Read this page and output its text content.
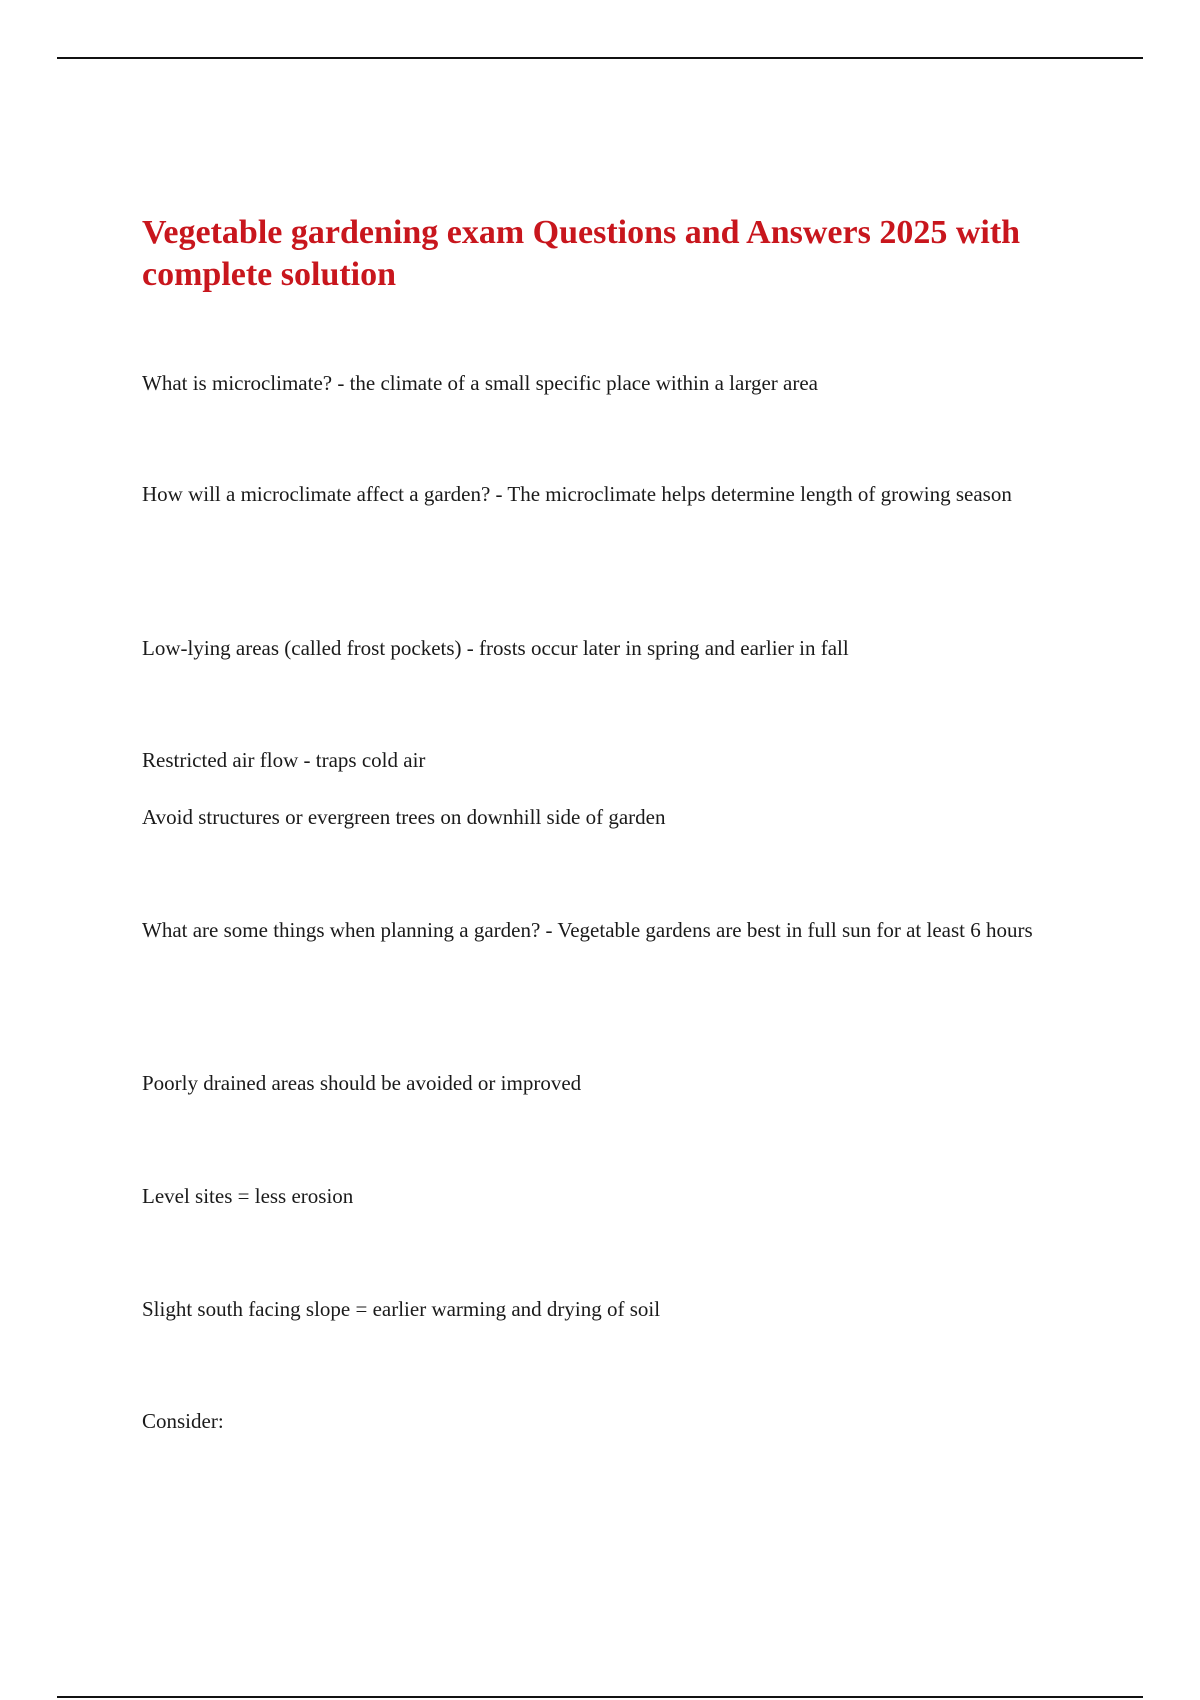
Vegetable gardening exam Questions and Answers 2025 with complete solution

What is microclimate? - the climate of a small specific place within a larger area

How will a microclimate affect a garden? - The microclimate helps determine length of growing season

Low-lying areas (called frost pockets) - frosts occur later in spring and earlier in fall

Restricted air flow - traps cold air

Avoid structures or evergreen trees on downhill side of garden

What are some things when planning a garden? - Vegetable gardens are best in full sun for at least 6 hours

Poorly drained areas should be avoided or improved

Level sites = less erosion

Slight south facing slope = earlier warming and drying of soil

Consider:
